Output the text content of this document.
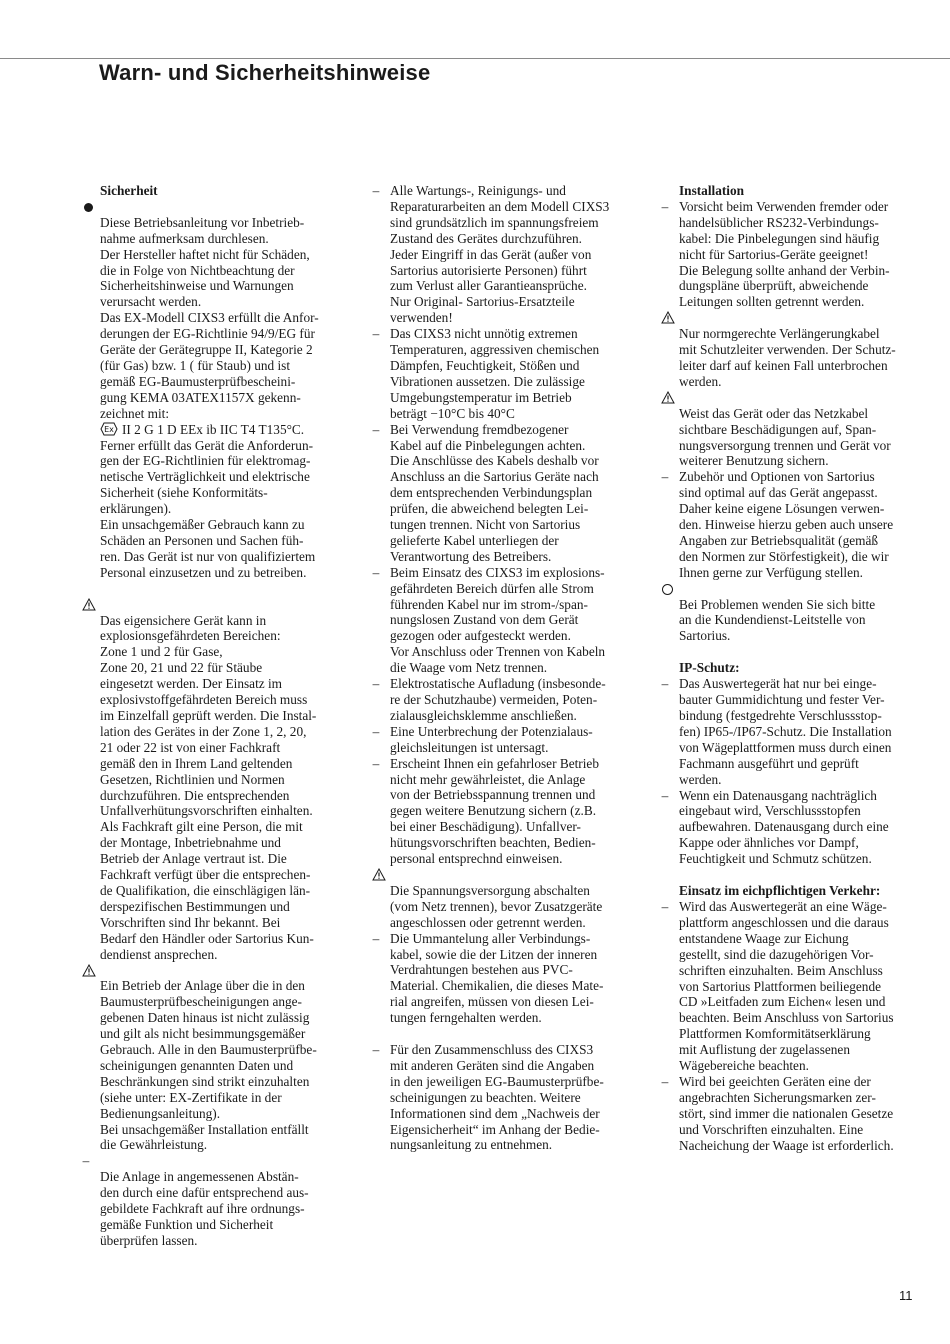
Warn- und Sicherheitshinweise
Sicherheit

Diese Betriebsanleitung vor Inbetrieb-
nahme aufmerksam durchlesen.
Der Hersteller haftet nicht für Schäden,
die in Folge von Nichtbeachtung der
Sicherheitshinweise und Warnungen
verursacht werden.
Das EX-Modell CIXS3 erfüllt die Anfor-
derungen der EG-Richtlinie 94/9/EG für
Geräte der Gerätegruppe II, Kategorie 2
(für Gas) bzw. 1 ( für Staub) und ist
gemäß EG-Baumusterprüfbescheini-
gung KEMA 03ATEX1157X gekenn-
zeichnet mit:

Ex II 2 G 1 D EEx ib IIC T4 T135°C.

Ferner erfüllt das Gerät die Anforderun-
gen der EG-Richtlinien für elektromag-
netische Verträglichkeit und elektrische
Sicherheit (siehe Konformitäts-
erklärungen).
Ein unsachgemäßer Gebrauch kann zu
Schäden an Personen und Sachen füh-
ren. Das Gerät ist nur von qualifiziertem
Personal einzusetzen und zu betreiben.

Das eigensichere Gerät kann in
explosionsgefährdeten Bereichen:
Zone 1 und 2 für Gase,
Zone 20, 21 und 22 für Stäube
eingesetzt werden. Der Einsatz im
explosivstoffgefährdeten Bereich muss
im Einzelfall geprüft werden. Die Instal-
lation des Gerätes in der Zone 1, 2, 20,
21 oder 22 ist von einer Fachkraft
gemäß den in Ihrem Land geltenden
Gesetzen, Richtlinien und Normen
durchzuführen. Die entsprechenden
Unfallverhütungsvorschriften einhalten.
Als Fachkraft gilt eine Person, die mit
der Montage, Inbetriebnahme und
Betrieb der Anlage vertraut ist. Die
Fachkraft verfügt über die entsprechen-
de Qualifikation, die einschlägigen län-
derspezifischen Bestimmungen und
Vorschriften sind Ihr bekannt. Bei
Bedarf den Händler oder Sartorius Kun-
dendienst ansprechen.

Ein Betrieb der Anlage über die in den
Baumusterprüfbescheinigungen ange-
gebenen Daten hinaus ist nicht zulässig
und gilt als nicht besimmungsgemäßer
Gebrauch. Alle in den Baumusterprüfbe-
scheinigungen genannten Daten und
Beschränkungen sind strikt einzuhalten
(siehe unter: EX-Zertifikate in der
Bedienungsanleitung).
Bei unsachgemäßer Installation entfällt
die Gewährleistung.

–
Die Anlage in angemessenen Abstän-
den durch eine dafür entsprechend aus-
gebildete Fachkraft auf ihre ordnungs-
gemäße Funktion und Sicherheit
überprüfen lassen.

– Alle Wartungs-, Reinigungs- und
Reparaturarbeiten an dem Modell CIXS3
sind grundsätzlich im spannungsfreiem
Zustand des Gerätes durchzuführen.
Jeder Eingriff in das Gerät (außer von
Sartorius autorisierte Personen) führt
zum Verlust aller Garantieansprüche.
Nur Original- Sartorius-Ersatzteile
verwenden!

– Das CIXS3 nicht unnötig extremen
Temperaturen, aggressiven chemischen
Dämpfen, Feuchtigkeit, Stößen und
Vibrationen aussetzen. Die zulässige
Umgebungstemperatur im Betrieb
beträgt −10°C bis 40°C

– Bei Verwendung fremdbezogener
Kabel auf die Pinbelegungen achten.
Die Anschlüsse des Kabels deshalb vor
Anschluss an die Sartorius Geräte nach
dem entsprechenden Verbindungsplan
prüfen, die abweichend belegten Lei-
tungen trennen. Nicht von Sartorius
gelieferte Kabel unterliegen der
Verantwortung des Betreibers.

– Beim Einsatz des CIXS3 im explosions-
gefährdeten Bereich dürfen alle Strom
führenden Kabel nur im strom-/span-
nungslosen Zustand von dem Gerät
gezogen oder aufgesteckt werden.
Vor Anschluss oder Trennen von Kabeln
die Waage vom Netz trennen.

– Elektrostatische Aufladung (insbesonde-
re der Schutzhaube) vermeiden, Poten-
zialausgleichsklemme anschließen.

– Eine Unterbrechung der Potenzialaus-
gleichsleitungen ist untersagt.

– Erscheint Ihnen ein gefahrloser Betrieb
nicht mehr gewährleistet, die Anlage
von der Betriebsspannung trennen und
gegen weitere Benutzung sichern (z.B.
bei einer Beschädigung). Unfallver-
hütungsvorschriften beachten, Bedien-
personal entsprechnd einweisen.

Die Spannungsversorgung abschalten
(vom Netz trennen), bevor Zusatzgeräte
angeschlossen oder getrennt werden.

– Die Ummantelung aller Verbindungs-
kabel, sowie die der Litzen der inneren
Verdrahtungen bestehen aus PVC-
Material. Chemikalien, die dieses Mate-
rial angreifen, müssen von diesen Lei-
tungen ferngehalten werden.

– Für den Zusammenschluss des CIXS3
mit anderen Geräten sind die Angaben
in den jeweiligen EG-Baumusterprüfbe-
scheinigungen zu beachten. Weitere
Informationen sind dem „Nachweis der
Eigensicherheit“ im Anhang der Bedie-
nungsanleitung zu entnehmen.

Installation

– Vorsicht beim Verwenden fremder oder
handelsüblicher RS232-Verbindungs-
kabel: Die Pinbelegungen sind häufig
nicht für Sartorius-Geräte geeignet!
Die Belegung sollte anhand der Verbin-
dungspläne überprüft, abweichende
Leitungen sollten getrennt werden.

Nur normgerechte Verlängerungkabel
mit Schutzleiter verwenden. Der Schutz-
leiter darf auf keinen Fall unterbrochen
werden.

Weist das Gerät oder das Netzkabel
sichtbare Beschädigungen auf, Span-
nungsversorgung trennen und Gerät vor
weiterer Benutzung sichern.

– Zubehör und Optionen von Sartorius
sind optimal auf das Gerät angepasst.
Daher keine eigene Lösungen verwen-
den. Hinweise hierzu geben auch unsere
Angaben zur Betriebsqualität (gemäß
den Normen zur Störfestigkeit), die wir
Ihnen gerne zur Verfügung stellen.

Bei Problemen wenden Sie sich bitte
an die Kundendienst-Leitstelle von
Sartorius.

IP-Schutz:

– Das Auswertegerät hat nur bei einge-
bauter Gummidichtung und fester Ver-
bindung (festgedrehte Verschlussstop-
fen) IP65-/IP67-Schutz. Die Installation
von Wägeplattformen muss durch einen
Fachmann ausgeführt und geprüft
werden.

– Wenn ein Datenausgang nachträglich
eingebaut wird, Verschlussstopfen
aufbewahren. Datenausgang durch eine
Kappe oder ähnliches vor Dampf,
Feuchtigkeit und Schmutz schützen.

Einsatz im eichpflichtigen Verkehr:

– Wird das Auswertegerät an eine Wäge-
plattform angeschlossen und die daraus
entstandene Waage zur Eichung
gestellt, sind die dazugehörigen Vor-
schriften einzuhalten. Beim Anschluss
von Sartorius Plattformen beiliegende
CD »Leitfaden zum Eichen« lesen und
beachten. Beim Anschluss von Sartorius
Plattformen Komformitätserklärung
mit Auflistung der zugelassenen
Wägebereiche beachten.

– Wird bei geeichten Geräten eine der
angebrachten Sicherungsmarken zer-
stört, sind immer die nationalen Gesetze
und Vorschriften einzuhalten. Eine
Nacheichung der Waage ist erforderlich.

11
